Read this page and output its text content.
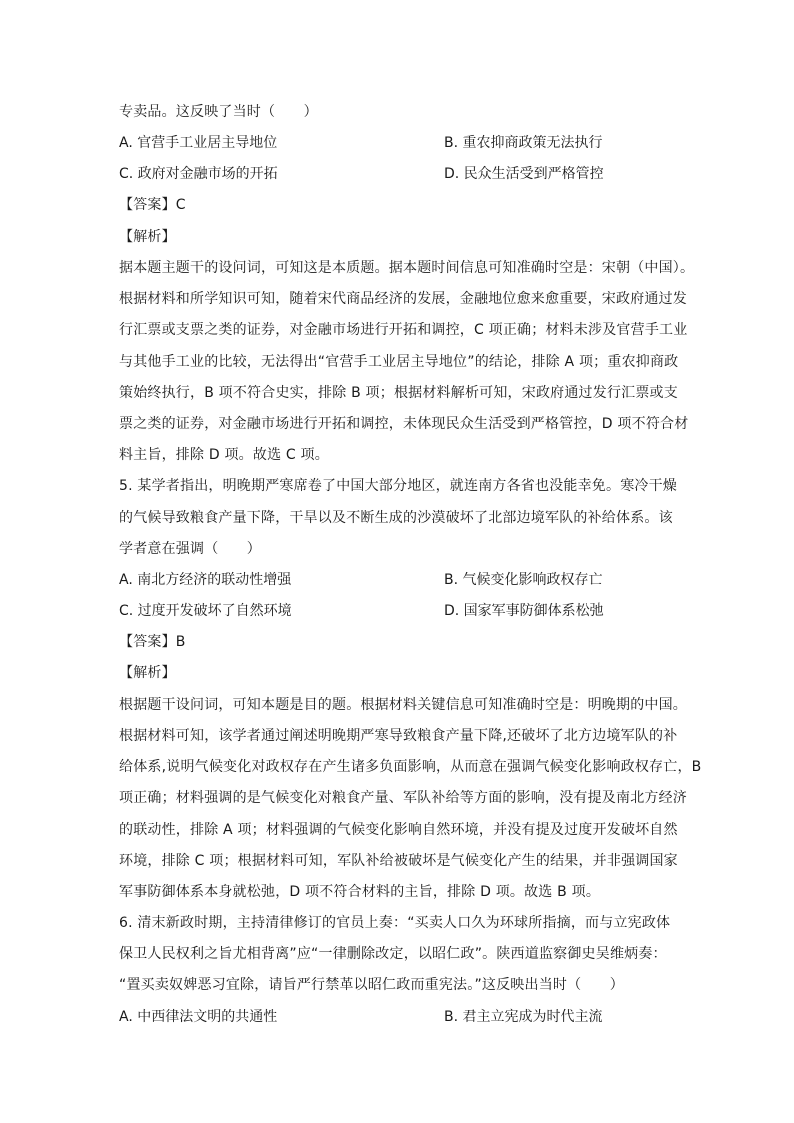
专卖品。这反映了当时（　　）
A. 官营手工业居主导地位	B. 重农抑商政策无法执行
C. 政府对金融市场的开拓	D. 民众生活受到严格管控
【答案】C
【解析】
据本题主题干的设问词，可知这是本质题。据本题时间信息可知准确时空是：宋朝（中国）。
根据材料和所学知识可知，随着宋代商品经济的发展，金融地位愈来愈重要，宋政府通过发
行汇票或支票之类的证券，对金融市场进行开拓和调控，C 项正确；材料未涉及官营手工业
与其他手工业的比较，无法得出“官营手工业居主导地位”的结论，排除 A 项；重农抑商政
策始终执行，B 项不符合史实，排除 B 项；根据材料解析可知，宋政府通过发行汇票或支
票之类的证券，对金融市场进行开拓和调控，未体现民众生活受到严格管控，D 项不符合材
料主旨，排除 D 项。故选 C 项。
5. 某学者指出，明晚期严寒席卷了中国大部分地区，就连南方各省也没能幸免。寒冷干燥
的气候导致粮食产量下降，干旱以及不断生成的沙漠破坏了北部边境军队的补给体系。该
学者意在强调（　　）
A. 南北方经济的联动性增强	B. 气候变化影响政权存亡
C. 过度开发破坏了自然环境	D. 国家军事防御体系松弛
【答案】B
【解析】
根据题干设问词，可知本题是目的题。根据材料关键信息可知准确时空是：明晚期的中国。
根据材料可知，该学者通过阐述明晚期严寒导致粮食产量下降,还破坏了北方边境军队的补
给体系,说明气候变化对政权存在产生诸多负面影响，从而意在强调气候变化影响政权存亡，B
项正确；材料强调的是气候变化对粮食产量、军队补给等方面的影响，没有提及南北方经济
的联动性，排除 A 项；材料强调的气候变化影响自然环境，并没有提及过度开发破坏自然
环境，排除 C 项；根据材料可知，军队补给被破坏是气候变化产生的结果，并非强调国家
军事防御体系本身就松弛，D 项不符合材料的主旨，排除 D 项。故选 B 项。
6. 清末新政时期，主持清律修订的官员上奏：“买卖人口久为环球所指摘，而与立宪政体
保卫人民权利之旨尤相背离”应“一律删除改定，以昭仁政”。陕西道监察御史吴维炳奏：
“置买卖奴婢恶习宜除，请旨严行禁革以昭仁政而重宪法。”这反映出当时（　　）
A. 中西律法文明的共通性	B. 君主立宪成为时代主流
